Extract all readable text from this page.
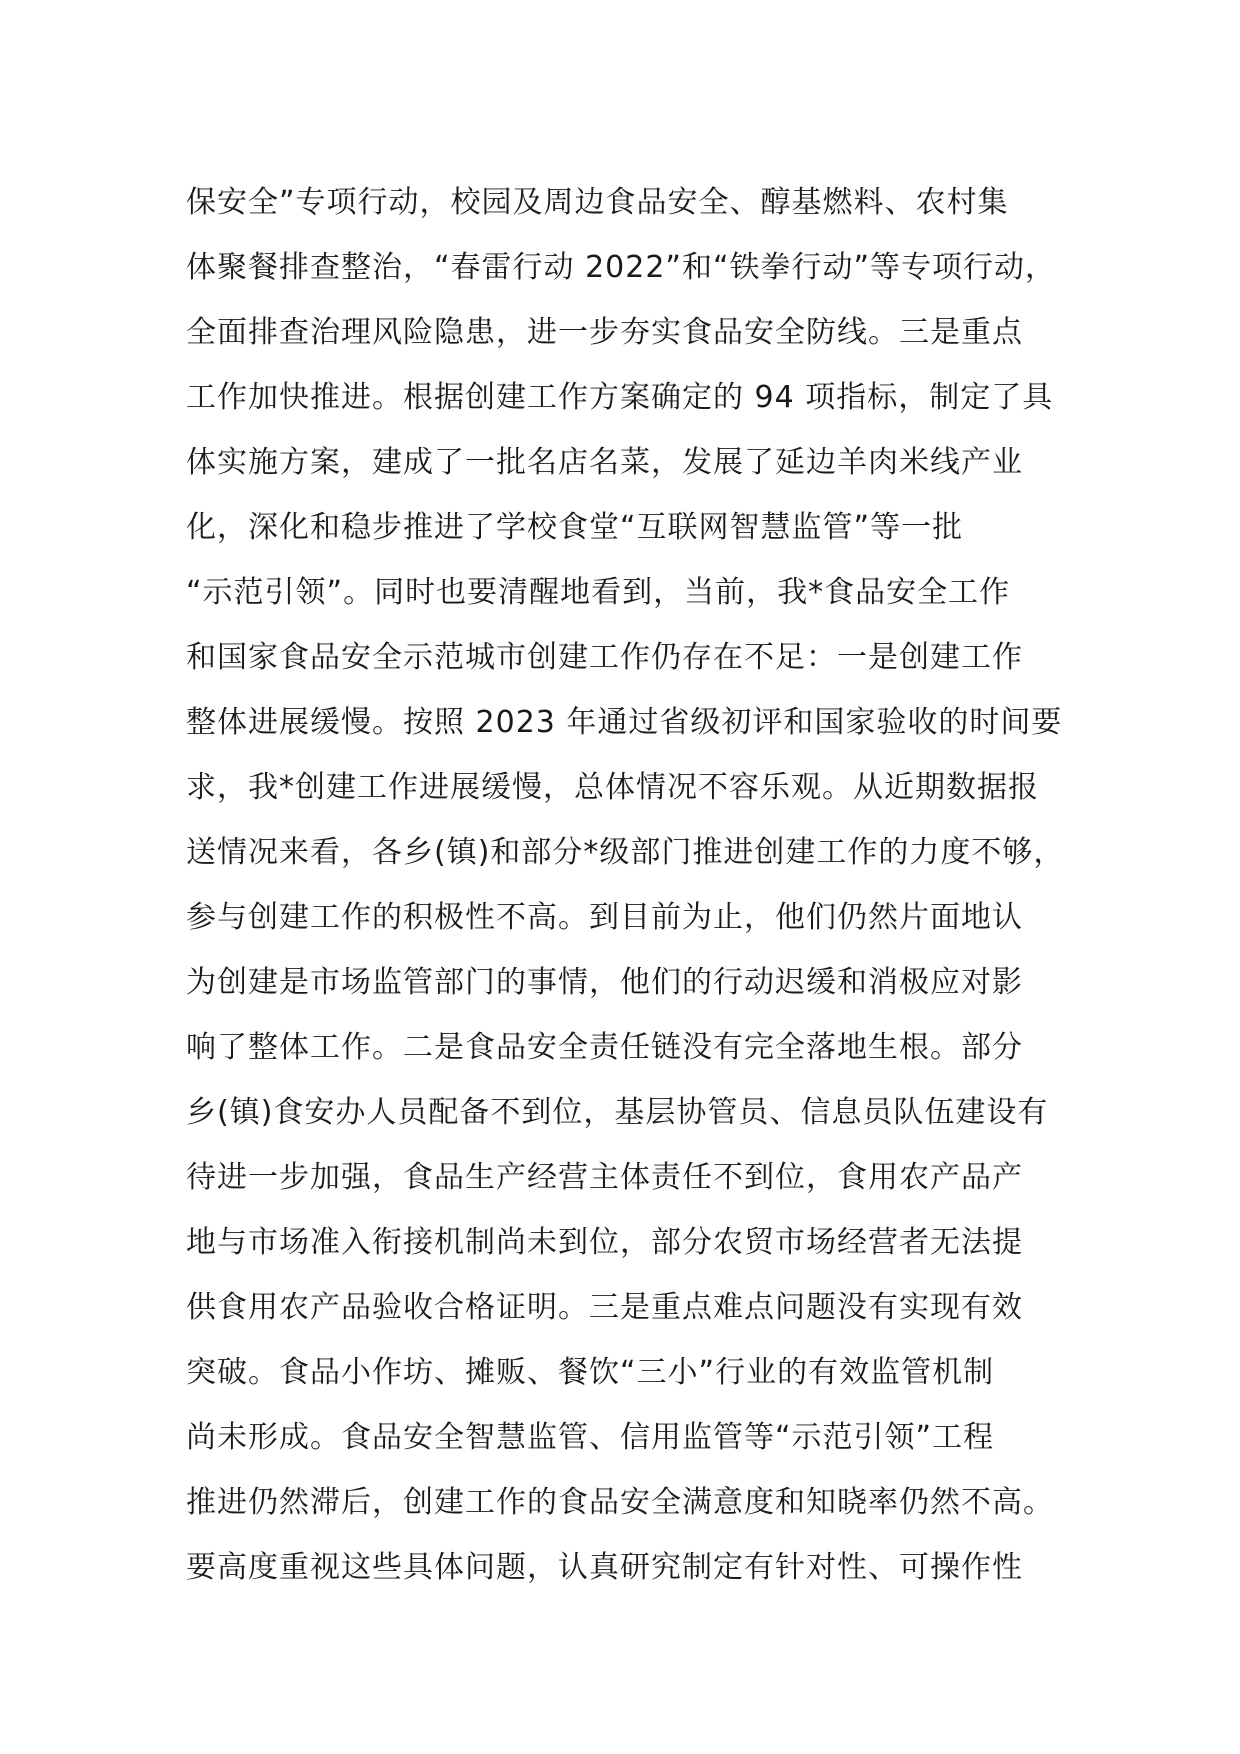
保安全”专项行动，校园及周边食品安全、醇基燃料、农村集
体聚餐排查整治，“春雷行动 2022”和“铁拳行动”等专项行动，
全面排查治理风险隐患，进一步夯实食品安全防线。三是重点
工作加快推进。根据创建工作方案确定的 94 项指标，制定了具
体实施方案，建成了一批名店名菜，发展了延边羊肉米线产业
化，深化和稳步推进了学校食堂“互联网智慧监管”等一批
“示范引领”。同时也要清醒地看到，当前，我*食品安全工作
和国家食品安全示范城市创建工作仍存在不足：一是创建工作
整体进展缓慢。按照 2023 年通过省级初评和国家验收的时间要
求，我*创建工作进展缓慢，总体情况不容乐观。从近期数据报
送情况来看，各乡(镇)和部分*级部门推进创建工作的力度不够，
参与创建工作的积极性不高。到目前为止，他们仍然片面地认
为创建是市场监管部门的事情，他们的行动迟缓和消极应对影
响了整体工作。二是食品安全责任链没有完全落地生根。部分
乡(镇)食安办人员配备不到位，基层协管员、信息员队伍建设有
待进一步加强，食品生产经营主体责任不到位，食用农产品产
地与市场准入衔接机制尚未到位，部分农贸市场经营者无法提
供食用农产品验收合格证明。三是重点难点问题没有实现有效
突破。食品小作坊、摊贩、餐饮“三小”行业的有效监管机制
尚未形成。食品安全智慧监管、信用监管等“示范引领”工程
推进仍然滞后，创建工作的食品安全满意度和知晓率仍然不高。
要高度重视这些具体问题，认真研究制定有针对性、可操作性
